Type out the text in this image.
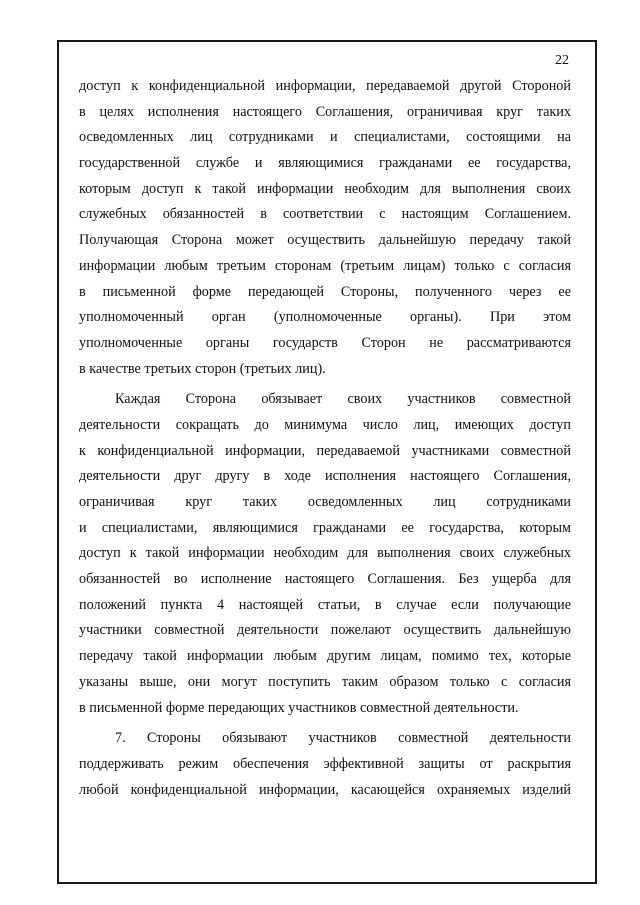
22
доступ к конфиденциальной информации, передаваемой другой Стороной
в целях исполнения настоящего Соглашения, ограничивая круг таких
осведомленных лиц сотрудниками и специалистами, состоящими на
государственной службе и являющимися гражданами ее государства,
которым доступ к такой информации необходим для выполнения своих
служебных обязанностей в соответствии с настоящим Соглашением.
Получающая Сторона может осуществить дальнейшую передачу такой
информации любым третьим сторонам (третьим лицам) только с согласия
в письменной форме передающей Стороны, полученного через ее
уполномоченный орган (уполномоченные органы). При этом
уполномоченные органы государств Сторон не рассматриваются
в качестве третьих сторон (третьих лиц).
Каждая Сторона обязывает своих участников совместной
деятельности сокращать до минимума число лиц, имеющих доступ
к конфиденциальной информации, передаваемой участниками совместной
деятельности друг другу в ходе исполнения настоящего Соглашения,
ограничивая круг таких осведомленных лиц сотрудниками
и специалистами, являющимися гражданами ее государства, которым
доступ к такой информации необходим для выполнения своих служебных
обязанностей во исполнение настоящего Соглашения. Без ущерба для
положений пункта 4 настоящей статьи, в случае если получающие
участники совместной деятельности пожелают осуществить дальнейшую
передачу такой информации любым другим лицам, помимо тех, которые
указаны выше, они могут поступить таким образом только с согласия
в письменной форме передающих участников совместной деятельности.
7. Стороны обязывают участников совместной деятельности
поддерживать режим обеспечения эффективной защиты от раскрытия
любой конфиденциальной информации, касающейся охраняемых изделий
